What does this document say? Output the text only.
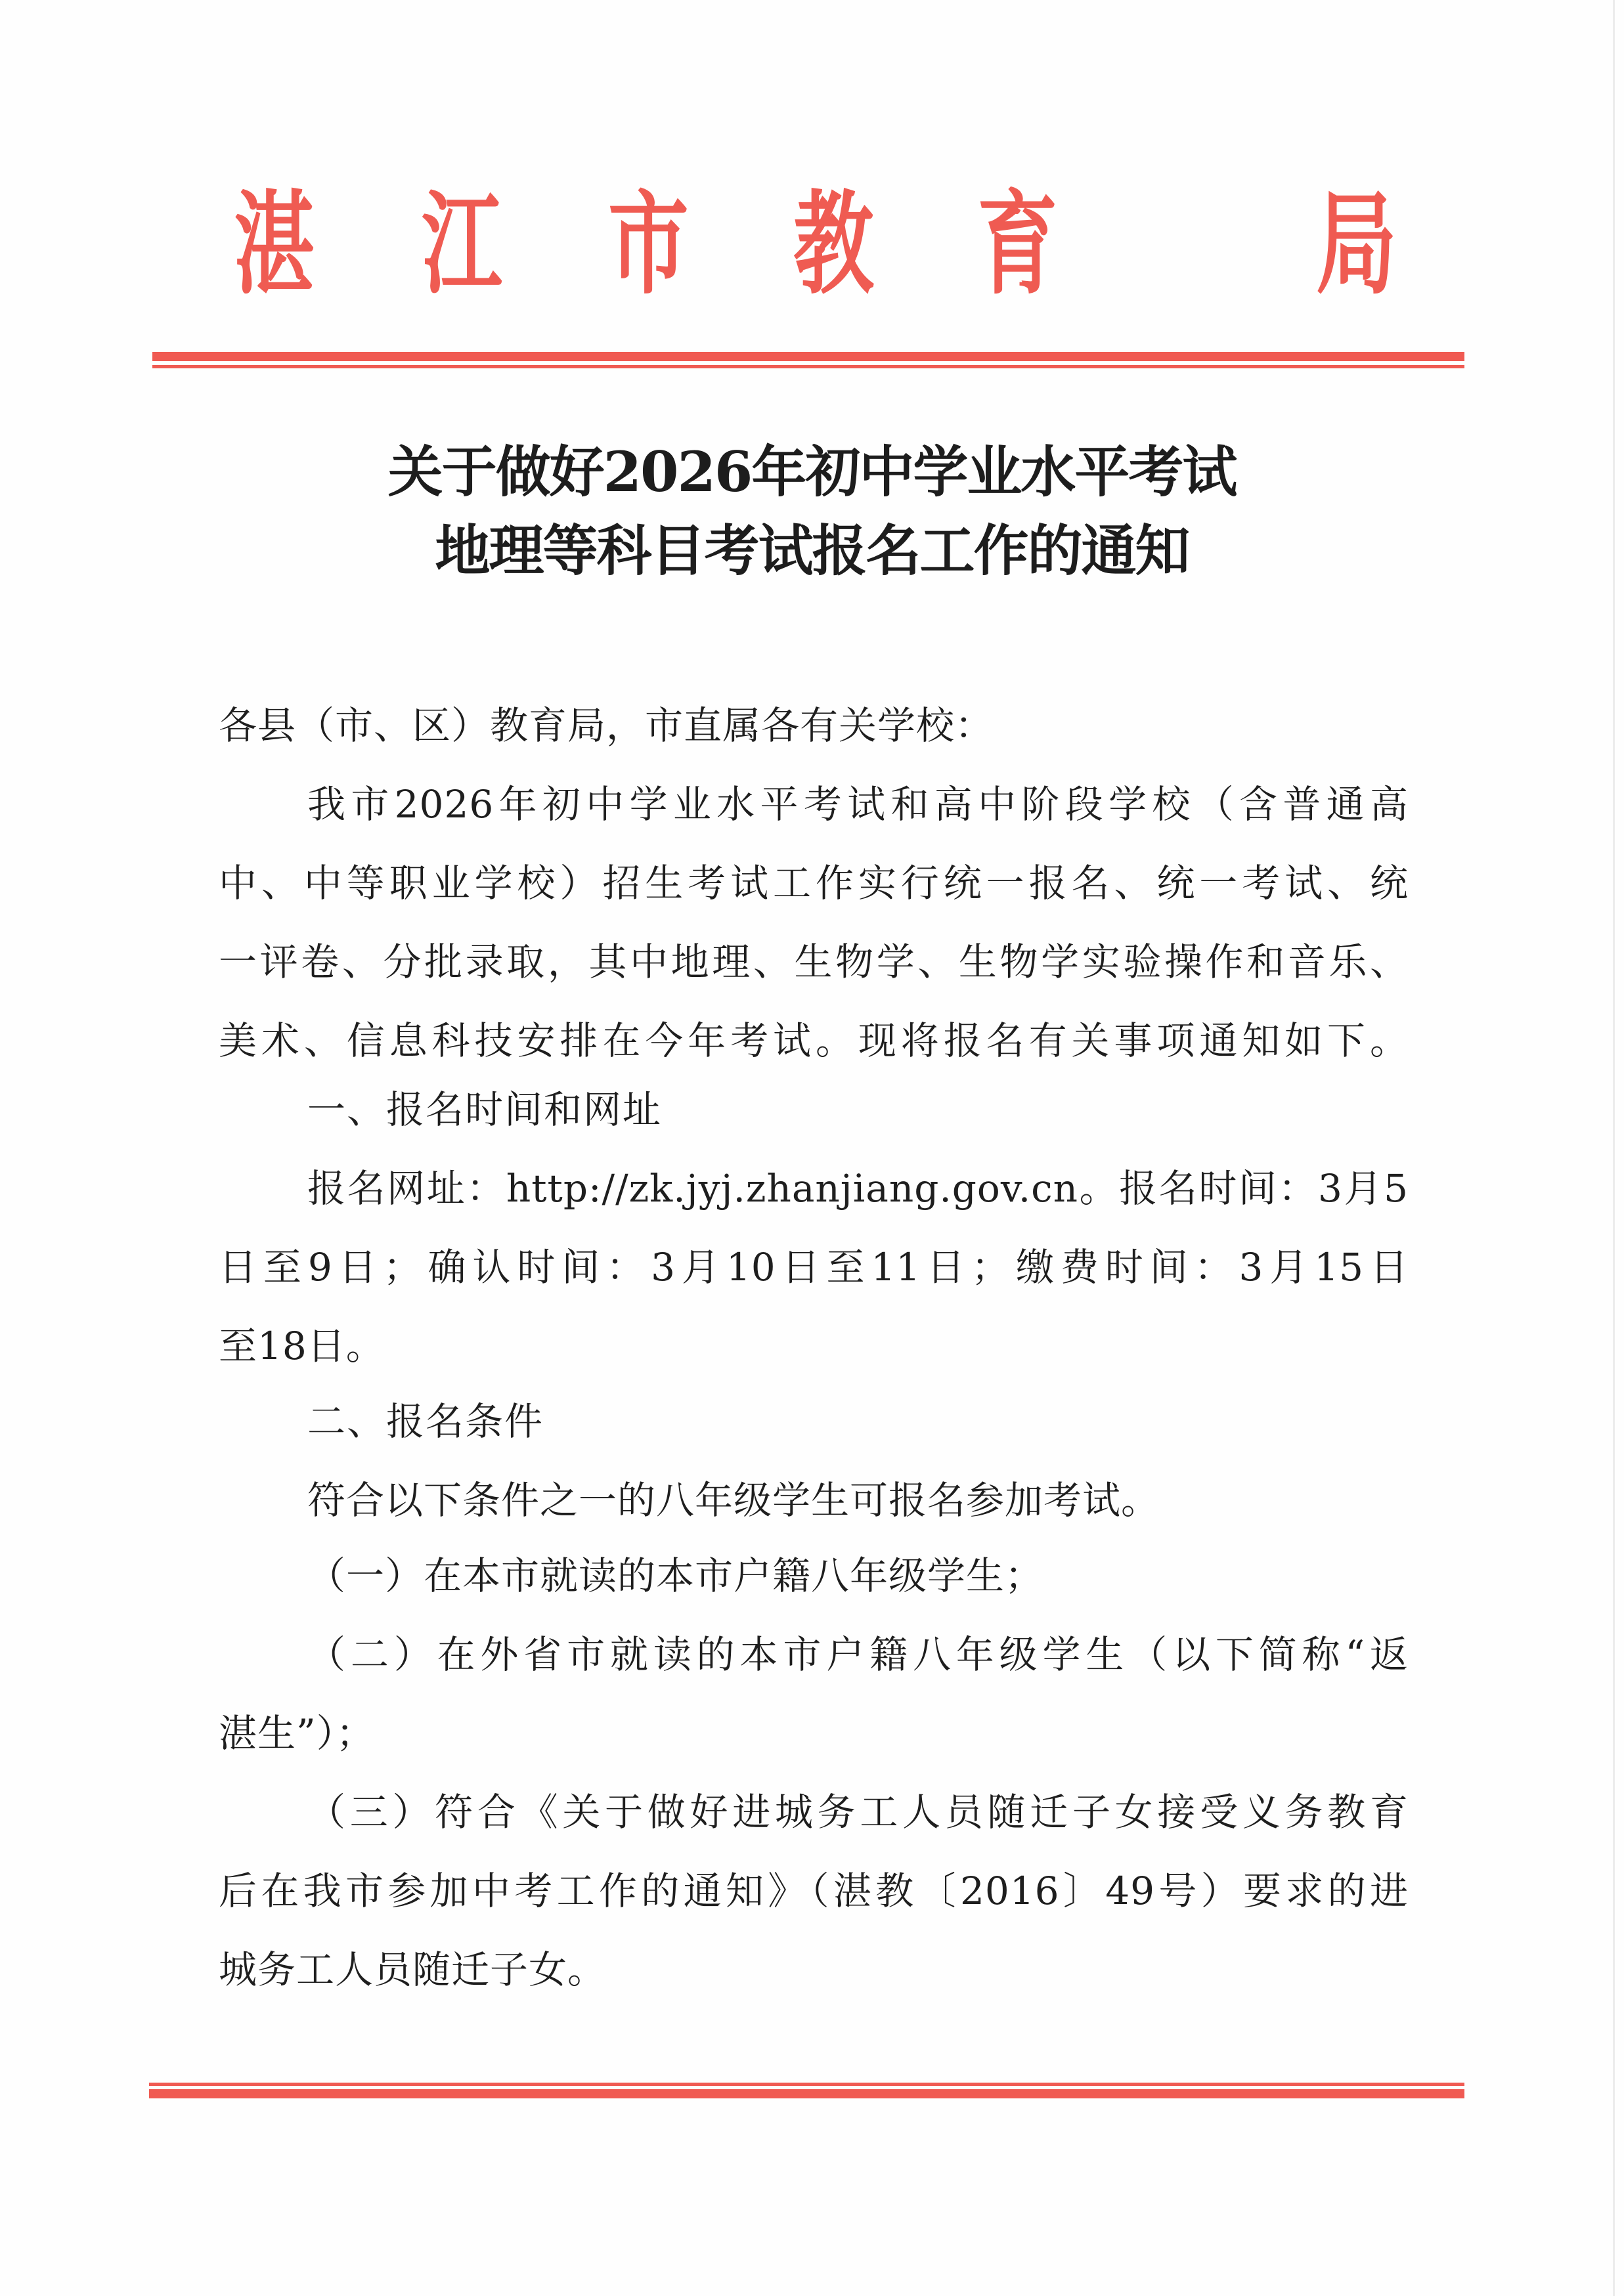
湛 江 市 教 育 局
关于做好2026年初中学业水平考试
地理等科目考试报名工作的通知
各县（市、区）教育局，市直属各有关学校：
我市2026年初中学业水平考试和高中阶段学校（含普通高
中、中等职业学校）招生考试工作实行统一报名、统一考试、统
一评卷、分批录取，其中地理、生物学、生物学实验操作和音乐、
美术、信息科技安排在今年考试。现将报名有关事项通知如下。
一、报名时间和网址
报名网址：http://zk.jyj.zhanjiang.gov.cn。报名时间：3月5
日至9日；确认时间：3月10日至11日；缴费时间：3月15日
至18日。
二、报名条件
符合以下条件之一的八年级学生可报名参加考试。
（一）在本市就读的本市户籍八年级学生；
（二）在外省市就读的本市户籍八年级学生（以下简称“返
湛生”）；
（三）符合《关于做好进城务工人员随迁子女接受义务教育
后在我市参加中考工作的通知》（湛教〔2016〕49号）要求的进
城务工人员随迁子女。
